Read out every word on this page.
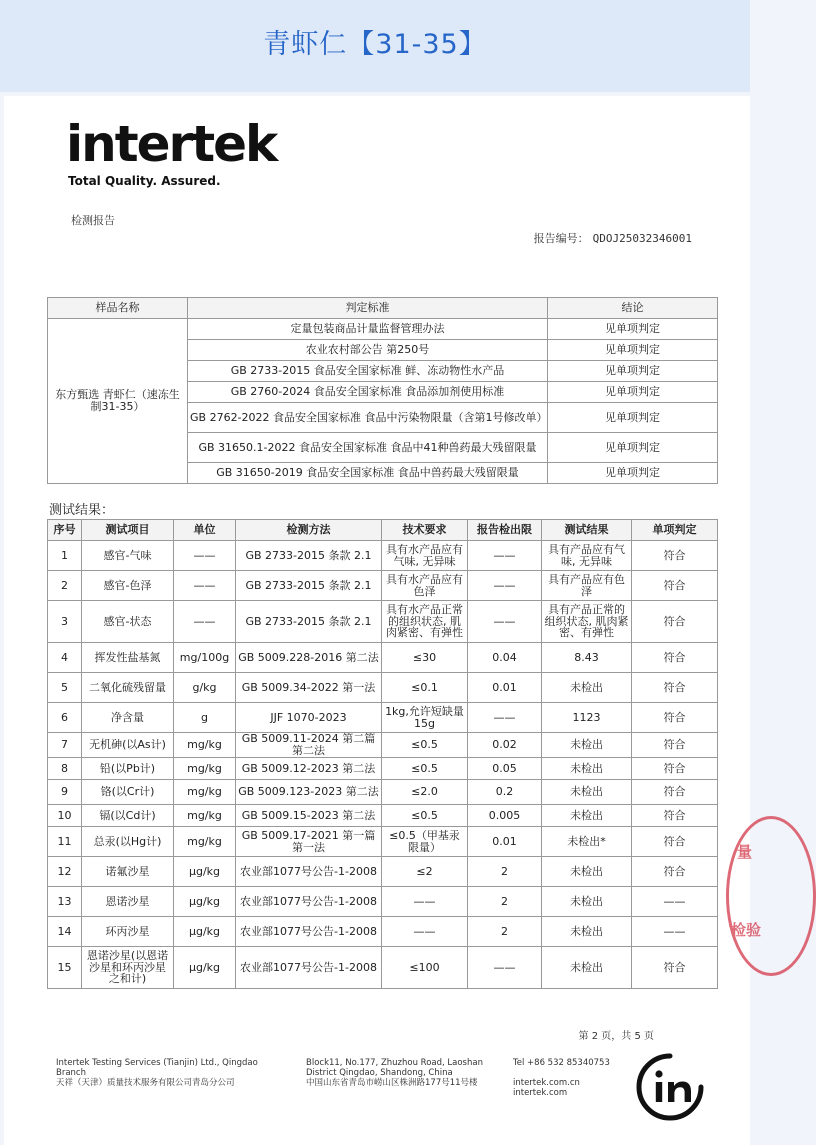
青虾仁【31-35】
intertek
Total Quality. Assured.
检测报告
报告编号： QDOJ25032346001
样品名称	判定标准	结论
东方甄选 青虾仁（速冻生制31-35）	定量包装商品计量监督管理办法	见单项判定
	农业农村部公告 第250号	见单项判定
	GB 2733-2015 食品安全国家标准 鲜、冻动物性水产品	见单项判定
	GB 2760-2024 食品安全国家标准 食品添加剂使用标准	见单项判定
	GB 2762-2022 食品安全国家标准 食品中污染物限量（含第1号修改单）	见单项判定
	GB 31650.1-2022 食品安全国家标准 食品中41种兽药最大残留限量	见单项判定
	GB 31650-2019 食品安全国家标准 食品中兽药最大残留限量	见单项判定
测试结果：
序号	测试项目	单位	检测方法	技术要求	报告检出限	测试结果	单项判定
1	感官-气味	——	GB 2733-2015 条款 2.1	具有水产品应有气味, 无异味	——	具有产品应有气味, 无异味	符合
2	感官-色泽	——	GB 2733-2015 条款 2.1	具有水产品应有色泽	——	具有产品应有色泽	符合
3	感官-状态	——	GB 2733-2015 条款 2.1	具有水产品正常的组织状态, 肌肉紧密、有弹性	——	具有产品正常的组织状态, 肌肉紧密、有弹性	符合
4	挥发性盐基氮	mg/100g	GB 5009.228-2016 第二法	≤30	0.04	8.43	符合
5	二氧化硫残留量	g/kg	GB 5009.34-2022 第一法	≤0.1	0.01	未检出	符合
6	净含量	g	JJF 1070-2023	1kg,允许短缺量15g	——	1123	符合
7	无机砷(以As计)	mg/kg	GB 5009.11-2024 第二篇第二法	≤0.5	0.02	未检出	符合
8	铅(以Pb计)	mg/kg	GB 5009.12-2023 第二法	≤0.5	0.05	未检出	符合
9	铬(以Cr计)	mg/kg	GB 5009.123-2023 第二法	≤2.0	0.2	未检出	符合
10	镉(以Cd计)	mg/kg	GB 5009.15-2023 第二法	≤0.5	0.005	未检出	符合
11	总汞(以Hg计)	mg/kg	GB 5009.17-2021 第一篇第一法	≤0.5（甲基汞限量）	0.01	未检出*	符合
12	诺氟沙星	μg/kg	农业部1077号公告-1-2008	≤2	2	未检出	符合
13	恩诺沙星	μg/kg	农业部1077号公告-1-2008	——	2	未检出	——
14	环丙沙星	μg/kg	农业部1077号公告-1-2008	——	2	未检出	——
15	恩诺沙星(以恩诺沙星和环丙沙星之和计)	μg/kg	农业部1077号公告-1-2008	≤100	——	未检出	符合
第 2 页，共 5 页
Intertek Testing Services (Tianjin) Ltd., Qingdao Branch
天祥（天津）质量技术服务有限公司青岛分公司
Block11, No.177, Zhuzhou Road, Laoshan District Qingdao, Shandong, China
中国山东省青岛市崂山区株洲路177号11号楼
Tel +86 532 85340753
intertek.com.cn
intertek.com
量
检验
